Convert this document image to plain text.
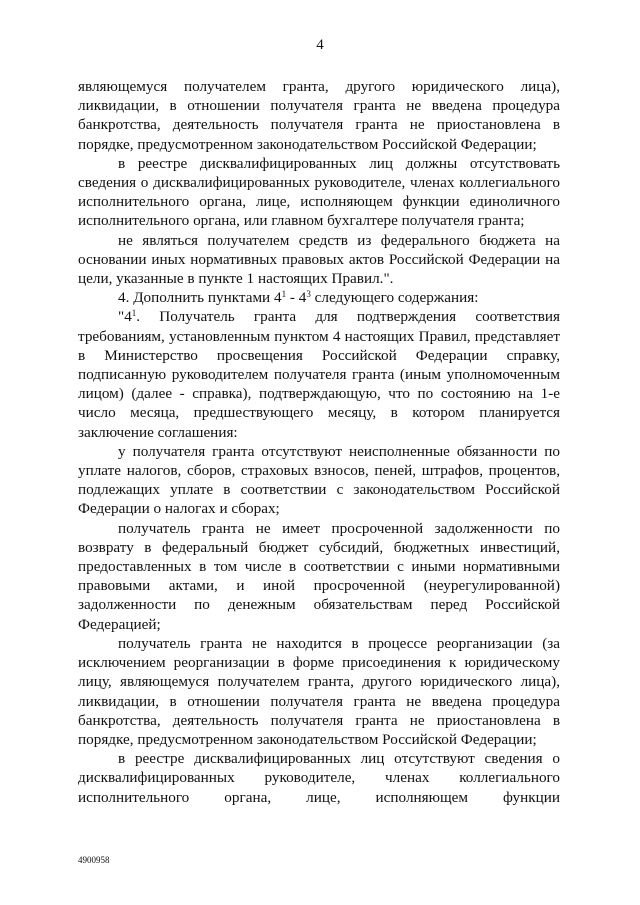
4

являющемуся получателем гранта, другого юридического лица), ликвидации, в отношении получателя гранта не введена процедура банкротства, деятельность получателя гранта не приостановлена в порядке, предусмотренном законодательством Российской Федерации;

в реестре дисквалифицированных лиц должны отсутствовать сведения о дисквалифицированных руководителе, членах коллегиального исполнительного органа, лице, исполняющем функции единоличного исполнительного органа, или главном бухгалтере получателя гранта;

не являться получателем средств из федерального бюджета на основании иных нормативных правовых актов Российской Федерации на цели, указанные в пункте 1 настоящих Правил.".

4. Дополнить пунктами $4^1 - 4^3$ следующего содержания:

"$4^1$. Получатель гранта для подтверждения соответствия требованиям, установленным пунктом 4 настоящих Правил, представляет в Министерство просвещения Российской Федерации справку, подписанную руководителем получателя гранта (иным уполномоченным лицом) (далее - справка), подтверждающую, что по состоянию на 1-е число месяца, предшествующего месяцу, в котором планируется заключение соглашения:

у получателя гранта отсутствуют неисполненные обязанности по уплате налогов, сборов, страховых взносов, пеней, штрафов, процентов, подлежащих уплате в соответствии с законодательством Российской Федерации о налогах и сборах;

получатель гранта не имеет просроченной задолженности по возврату в федеральный бюджет субсидий, бюджетных инвестиций, предоставленных в том числе в соответствии с иными нормативными правовыми актами, и иной просроченной (неурегулированной) задолженности по денежным обязательствам перед Российской Федерацией;

получатель гранта не находится в процессе реорганизации (за исключением реорганизации в форме присоединения к юридическому лицу, являющемуся получателем гранта, другого юридического лица), ликвидации, в отношении получателя гранта не введена процедура банкротства, деятельность получателя гранта не приостановлена в порядке, предусмотренном законодательством Российской Федерации;

в реестре дисквалифицированных лиц отсутствуют сведения о дисквалифицированных руководителе, членах коллегиального исполнительного органа, лице, исполняющем функции

4900958
